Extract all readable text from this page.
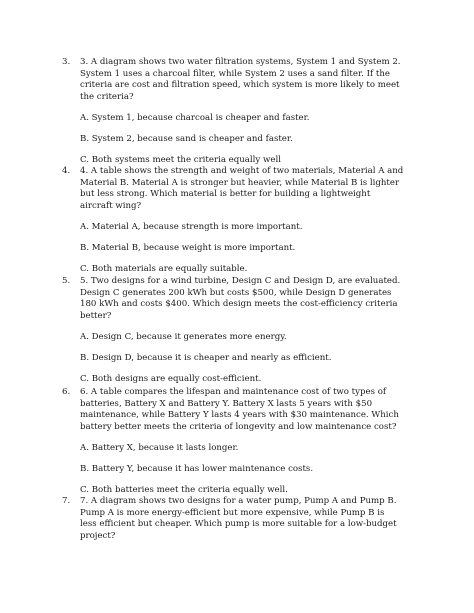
3. 3. A diagram shows two water filtration systems, System 1 and System 2.
System 1 uses a charcoal filter, while System 2 uses a sand filter. If the
criteria are cost and filtration speed, which system is more likely to meet
the criteria?
A. System 1, because charcoal is cheaper and faster.
B. System 2, because sand is cheaper and faster.
C. Both systems meet the criteria equally well
4. 4. A table shows the strength and weight of two materials, Material A and
Material B. Material A is stronger but heavier, while Material B is lighter
but less strong. Which material is better for building a lightweight
aircraft wing?
A. Material A, because strength is more important.
B. Material B, because weight is more important.
C. Both materials are equally suitable.
5. 5. Two designs for a wind turbine, Design C and Design D, are evaluated.
Design C generates 200 kWh but costs $500, while Design D generates
180 kWh and costs $400. Which design meets the cost-efficiency criteria
better?
A. Design C, because it generates more energy.
B. Design D, because it is cheaper and nearly as efficient.
C. Both designs are equally cost-efficient.
6. 6. A table compares the lifespan and maintenance cost of two types of
batteries, Battery X and Battery Y. Battery X lasts 5 years with $50
maintenance, while Battery Y lasts 4 years with $30 maintenance. Which
battery better meets the criteria of longevity and low maintenance cost?
A. Battery X, because it lasts longer.
B. Battery Y, because it has lower maintenance costs.
C. Both batteries meet the criteria equally well.
7. 7. A diagram shows two designs for a water pump, Pump A and Pump B.
Pump A is more energy-efficient but more expensive, while Pump B is
less efficient but cheaper. Which pump is more suitable for a low-budget
project?
